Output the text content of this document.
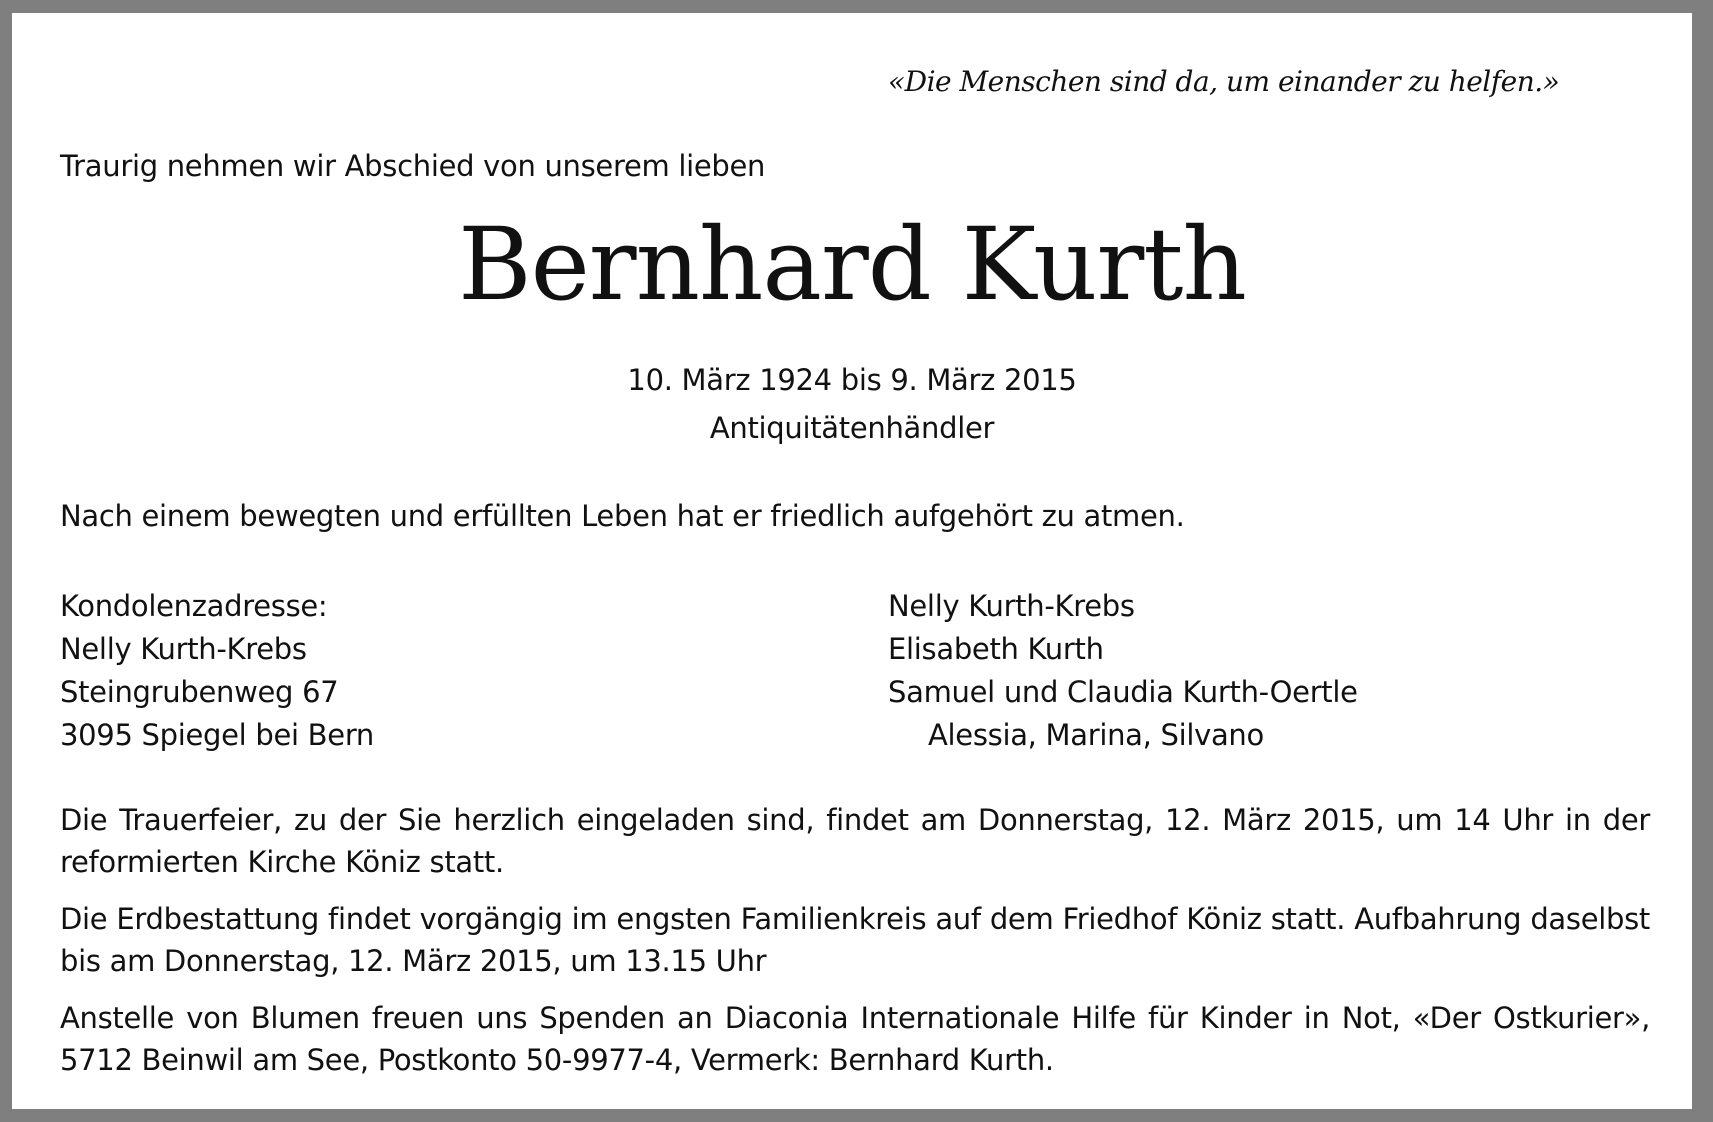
«Die Menschen sind da, um einander zu helfen.»
Traurig nehmen wir Abschied von unserem lieben
Bernhard Kurth
10. März 1924 bis 9. März 2015
Antiquitätenhändler
Nach einem bewegten und erfüllten Leben hat er friedlich aufgehört zu atmen.
Kondolenzadresse:
Nelly Kurth-Krebs
Steingrubenweg 67
3095 Spiegel bei Bern
Nelly Kurth-Krebs
Elisabeth Kurth
Samuel und Claudia Kurth-Oertle
Alessia, Marina, Silvano
Die Trauerfeier, zu der Sie herzlich eingeladen sind, findet am Donnerstag, 12. März 2015, um 14 Uhr in der reformierten Kirche Köniz statt.
Die Erdbestattung findet vorgängig im engsten Familienkreis auf dem Friedhof Köniz statt. Aufbahrung daselbst bis am Donnerstag, 12. März 2015, um 13.15 Uhr
Anstelle von Blumen freuen uns Spenden an Diaconia Internationale Hilfe für Kinder in Not, «Der Ostkurier», 5712 Beinwil am See, Postkonto 50-9977-4, Vermerk: Bernhard Kurth.
